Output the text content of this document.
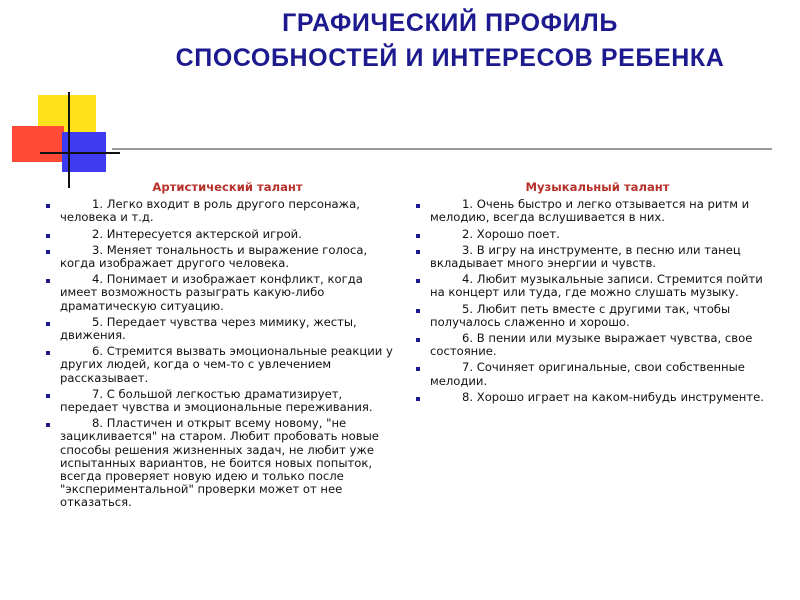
ГРАФИЧЕСКИЙ ПРОФИЛЬ
СПОСОБНОСТЕЙ И ИНТЕРЕСОВ РЕБЕНКА
Артистический талант
1. Легко входит в роль другого персонажа, человека и т.д.
2. Интересуется актерской игрой.
3. Меняет тональность и выражение голоса, когда изображает другого человека.
4. Понимает и изображает конфликт, когда имеет возможность разыграть какую-либо драматическую ситуацию.
5. Передает чувства через мимику, жесты, движения.
6. Стремится вызвать эмоциональные реакции у других людей, когда о чем-то с увлечением рассказывает.
7. С большой легкостью драматизирует, передает чувства и эмоциональные переживания.
8. Пластичен и открыт всему новому, "не зацикливается" на старом. Любит пробовать новые способы решения жизненных задач, не любит уже испытанных вариантов, не боится новых попыток, всегда проверяет новую идею и только после "экспериментальной" проверки может от нее отказаться.
Музыкальный талант
1. Очень быстро и легко отзывается на ритм и мелодию, всегда вслушивается в них.
2. Хорошо поет.
3. В игру на инструменте, в песню или танец вкладывает много энергии и чувств.
4. Любит музыкальные записи. Стремится пойти на концерт или туда, где можно слушать музыку.
5. Любит петь вместе с другими так, чтобы получалось слаженно и хорошо.
6. В пении или музыке выражает чувства, свое состояние.
7. Сочиняет оригинальные, свои собственные мелодии.
8. Хорошо играет на каком-нибудь инструменте.
